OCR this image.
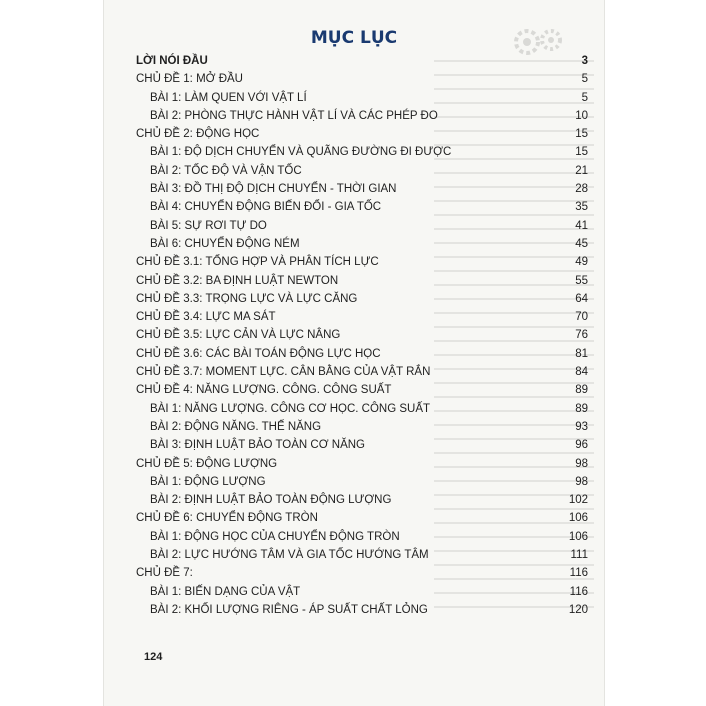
MỤC LỤC
LỜI NÓI ĐẦU	3
CHỦ ĐỀ 1: MỞ ĐẦU	5
BÀI 1: LÀM QUEN VỚI VẬT LÍ	5
BÀI 2: PHÒNG THỰC HÀNH VẬT LÍ VÀ CÁC PHÉP ĐO	10
CHỦ ĐỀ 2: ĐỘNG HỌC	15
BÀI 1: ĐỘ DỊCH CHUYỂN VÀ QUÃNG ĐƯỜNG ĐI ĐƯỢC	15
BÀI 2: TỐC ĐỘ VÀ VẬN TỐC	21
BÀI 3: ĐỒ THỊ ĐỘ DỊCH CHUYỂN - THỜI GIAN	28
BÀI 4: CHUYỂN ĐỘNG BIẾN ĐỔI - GIA TỐC	35
BÀI 5: SỰ RƠI TỰ DO	41
BÀI 6: CHUYỂN ĐỘNG NÉM	45
CHỦ ĐỀ 3.1: TỔNG HỢP VÀ PHÂN TÍCH LỰC	49
CHỦ ĐỀ 3.2: BA ĐỊNH LUẬT NEWTON	55
CHỦ ĐỀ 3.3: TRỌNG LỰC VÀ LỰC CĂNG	64
CHỦ ĐỀ 3.4: LỰC MA SÁT	70
CHỦ ĐỀ 3.5: LỰC CẢN VÀ LỰC NÂNG	76
CHỦ ĐỀ 3.6: CÁC BÀI TOÁN ĐỘNG LỰC HỌC	81
CHỦ ĐỀ 3.7: MOMENT LỰC. CÂN BẰNG CỦA VẬT RẮN	84
CHỦ ĐỀ 4: NĂNG LƯỢNG. CÔNG. CÔNG SUẤT	89
BÀI 1: NĂNG LƯỢNG. CÔNG CƠ HỌC. CÔNG SUẤT	89
BÀI 2: ĐỘNG NĂNG. THẾ NĂNG	93
BÀI 3: ĐỊNH LUẬT BẢO TOÀN CƠ NĂNG	96
CHỦ ĐỀ 5: ĐỘNG LƯỢNG	98
BÀI 1: ĐỘNG LƯỢNG	98
BÀI 2: ĐỊNH LUẬT BẢO TOÀN ĐỘNG LƯỢNG	102
CHỦ ĐỀ 6: CHUYỂN ĐỘNG TRÒN	106
BÀI 1: ĐỘNG HỌC CỦA CHUYỂN ĐỘNG TRÒN	106
BÀI 2: LỰC HƯỚNG TÂM VÀ GIA TỐC HƯỚNG TÂM	111
CHỦ ĐỀ 7:	116
BÀI 1: BIẾN DẠNG CỦA VẬT	116
BÀI 2: KHỐI LƯỢNG RIÊNG - ÁP SUẤT CHẤT LỎNG	120
124
